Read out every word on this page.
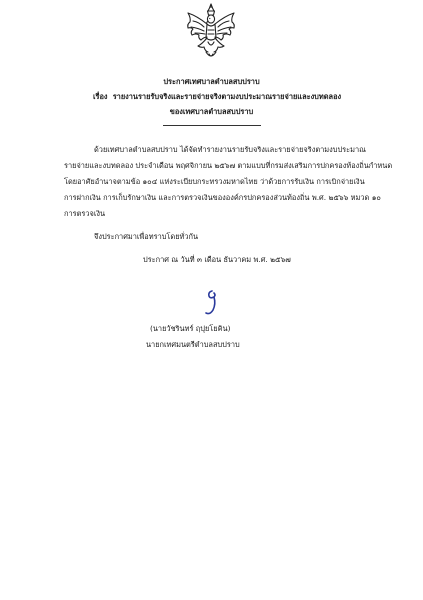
ประกาศเทศบาลตำบลสบปราบ
เรื่อง รายงานรายรับจริงและรายจ่ายจริงตามงบประมาณรายจ่ายและงบทดลอง
ของเทศบาลตำบลสบปราบ
ด้วยเทศบาลตำบลสบปราบ ได้จัดทำรายงานรายรับจริงและรายจ่ายจริงตามงบประมาณ
รายจ่ายและงบทดลอง ประจำเดือน พฤศจิกายน ๒๕๖๗ ตามแบบที่กรมส่งเสริมการปกครองท้องถิ่นกำหนด
โดยอาศัยอำนาจตามข้อ ๑๐๔ แห่งระเบียบกระทรวงมหาดไทย ว่าด้วยการรับเงิน การเบิกจ่ายเงิน
การฝากเงิน การเก็บรักษาเงิน และการตรวจเงินขององค์กรปกครองส่วนท้องถิ่น พ.ศ. ๒๕๖๖ หมวด ๑๐
การตรวจเงิน
จึงประกาศมาเพื่อทราบโดยทั่วกัน
ประกาศ ณ วันที่ ๓ เดือน ธันวาคม พ.ศ. ๒๕๖๗
(นายวัชรินทร์ ฤปุยโยคิน)
นายกเทศมนตรีตำบลสบปราบ
